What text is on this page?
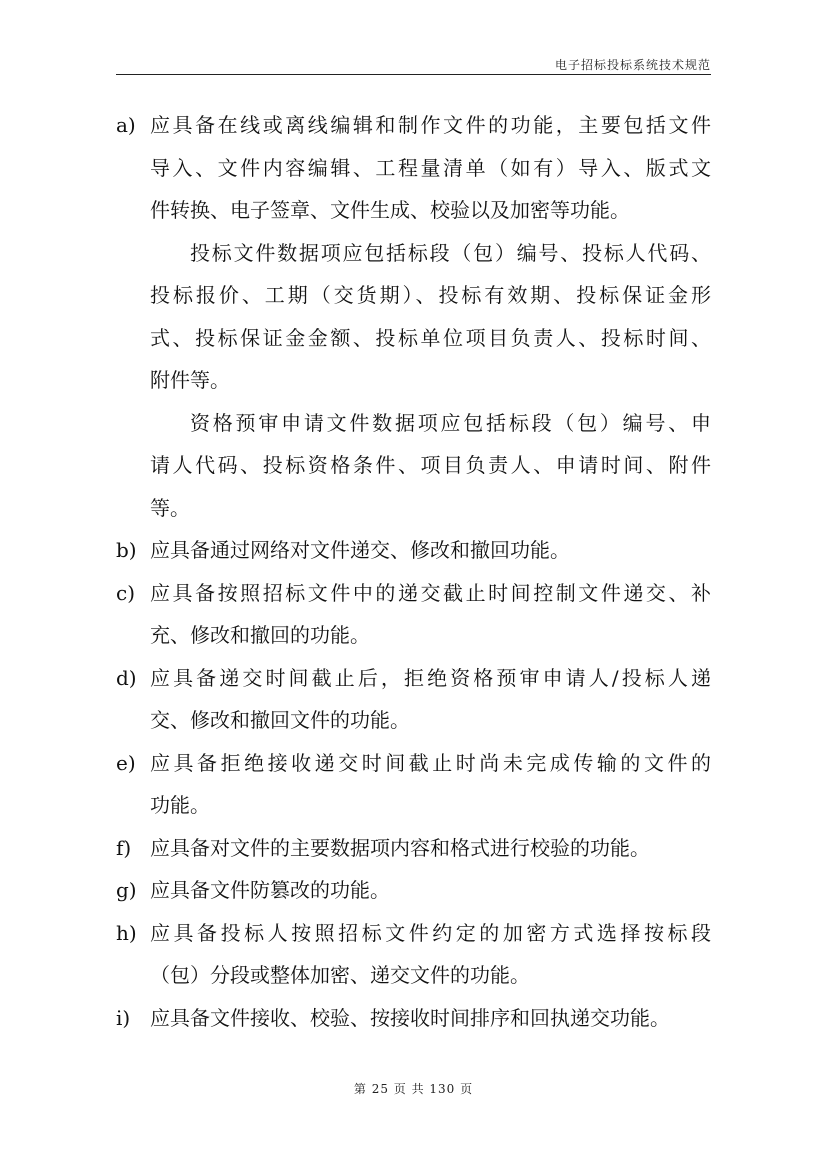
电子招标投标系统技术规范
a) 应具备在线或离线编辑和制作文件的功能，主要包括文件
导入、文件内容编辑、工程量清单（如有）导入、版式文
件转换、电子签章、文件生成、校验以及加密等功能。
投标文件数据项应包括标段（包）编号、投标人代码、
投标报价、工期（交货期）、投标有效期、投标保证金形
式、投标保证金金额、投标单位项目负责人、投标时间、
附件等。
资格预审申请文件数据项应包括标段（包）编号、申
请人代码、投标资格条件、项目负责人、申请时间、附件
等。
b) 应具备通过网络对文件递交、修改和撤回功能。
c) 应具备按照招标文件中的递交截止时间控制文件递交、补
充、修改和撤回的功能。
d) 应具备递交时间截止后，拒绝资格预审申请人/投标人递
交、修改和撤回文件的功能。
e) 应具备拒绝接收递交时间截止时尚未完成传输的文件的
功能。
f) 应具备对文件的主要数据项内容和格式进行校验的功能。
g) 应具备文件防篡改的功能。
h) 应具备投标人按照招标文件约定的加密方式选择按标段
（包）分段或整体加密、递交文件的功能。
i) 应具备文件接收、校验、按接收时间排序和回执递交功能。
第 25 页 共 130 页
